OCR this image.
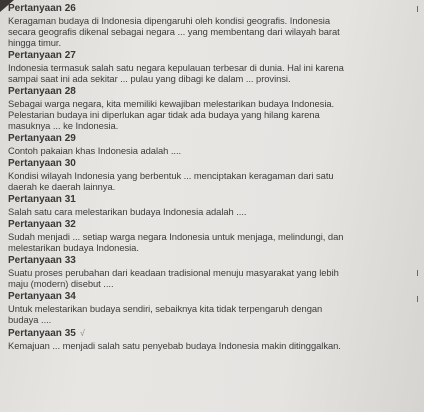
Pertanyaan 26
Keragaman budaya di Indonesia dipengaruhi oleh kondisi geografis. Indonesia
secara geografis dikenal sebagai negara ... yang membentang dari wilayah barat
hingga timur.
Pertanyaan 27
Indonesia termasuk salah satu negara kepulauan terbesar di dunia. Hal ini karena
sampai saat ini ada sekitar ... pulau yang dibagi ke dalam ... provinsi.
Pertanyaan 28
Sebagai warga negara, kita memiliki kewajiban melestarikan budaya Indonesia.
Pelestarian budaya ini diperlukan agar tidak ada budaya yang hilang karena
masuknya ... ke Indonesia.
Pertanyaan 29
Contoh pakaian khas Indonesia adalah ....
Pertanyaan 30
Kondisi wilayah Indonesia yang berbentuk ... menciptakan keragaman dari satu
daerah ke daerah lainnya.
Pertanyaan 31
Salah satu cara melestarikan budaya Indonesia adalah ....
Pertanyaan 32
Sudah menjadi ... setiap warga negara Indonesia untuk menjaga, melindungi, dan
melestarikan budaya Indonesia.
Pertanyaan 33
Suatu proses perubahan dari keadaan tradisional menuju masyarakat yang lebih
maju (modern) disebut ....
Pertanyaan 34
Untuk melestarikan budaya sendiri, sebaiknya kita tidak terpengaruh dengan
budaya ....
Pertanyaan 35 √
Kemajuan ... menjadi salah satu penyebab budaya Indonesia makin ditinggalkan.
